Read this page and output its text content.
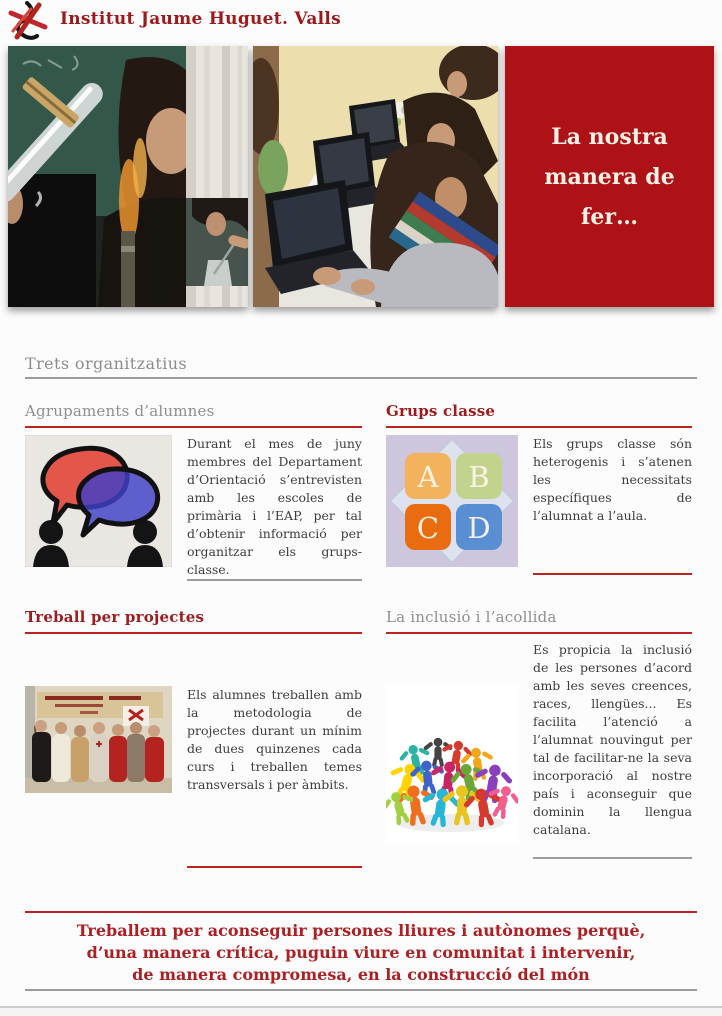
Institut Jaume Huguet. Valls
La nostra
manera de
fer…
Trets organitzatius
Agrupaments d’alumnes

Durant el mes de juny membres del Departament d’Orientació s’entrevisten amb les escoles de primària i l’EAP, per tal d’obtenir informació per organitzar els grups-classe.

Grups classe
A B
C D

Els grups classe són heterogenis i s’atenen les necessitats específiques de l’alumnat a l’aula.

Treball per projectes

Els alumnes treballen amb la metodologia de projectes durant un mínim de dues quinzenes cada curs i treballen temes transversals i per àmbits.

La inclusió i l’acollida

Es propicia la inclusió de les persones d’acord amb les seves creences, races, llengües... Es facilita l’atenció a l’alumnat nouvingut per tal de facilitar-ne la seva incorporació al nostre país i aconseguir que dominin la llengua catalana.

Treballem per aconseguir persones lliures i autònomes perquè,
d’una manera crítica, puguin viure en comunitat i intervenir,
de manera compromesa, en la construcció del món
